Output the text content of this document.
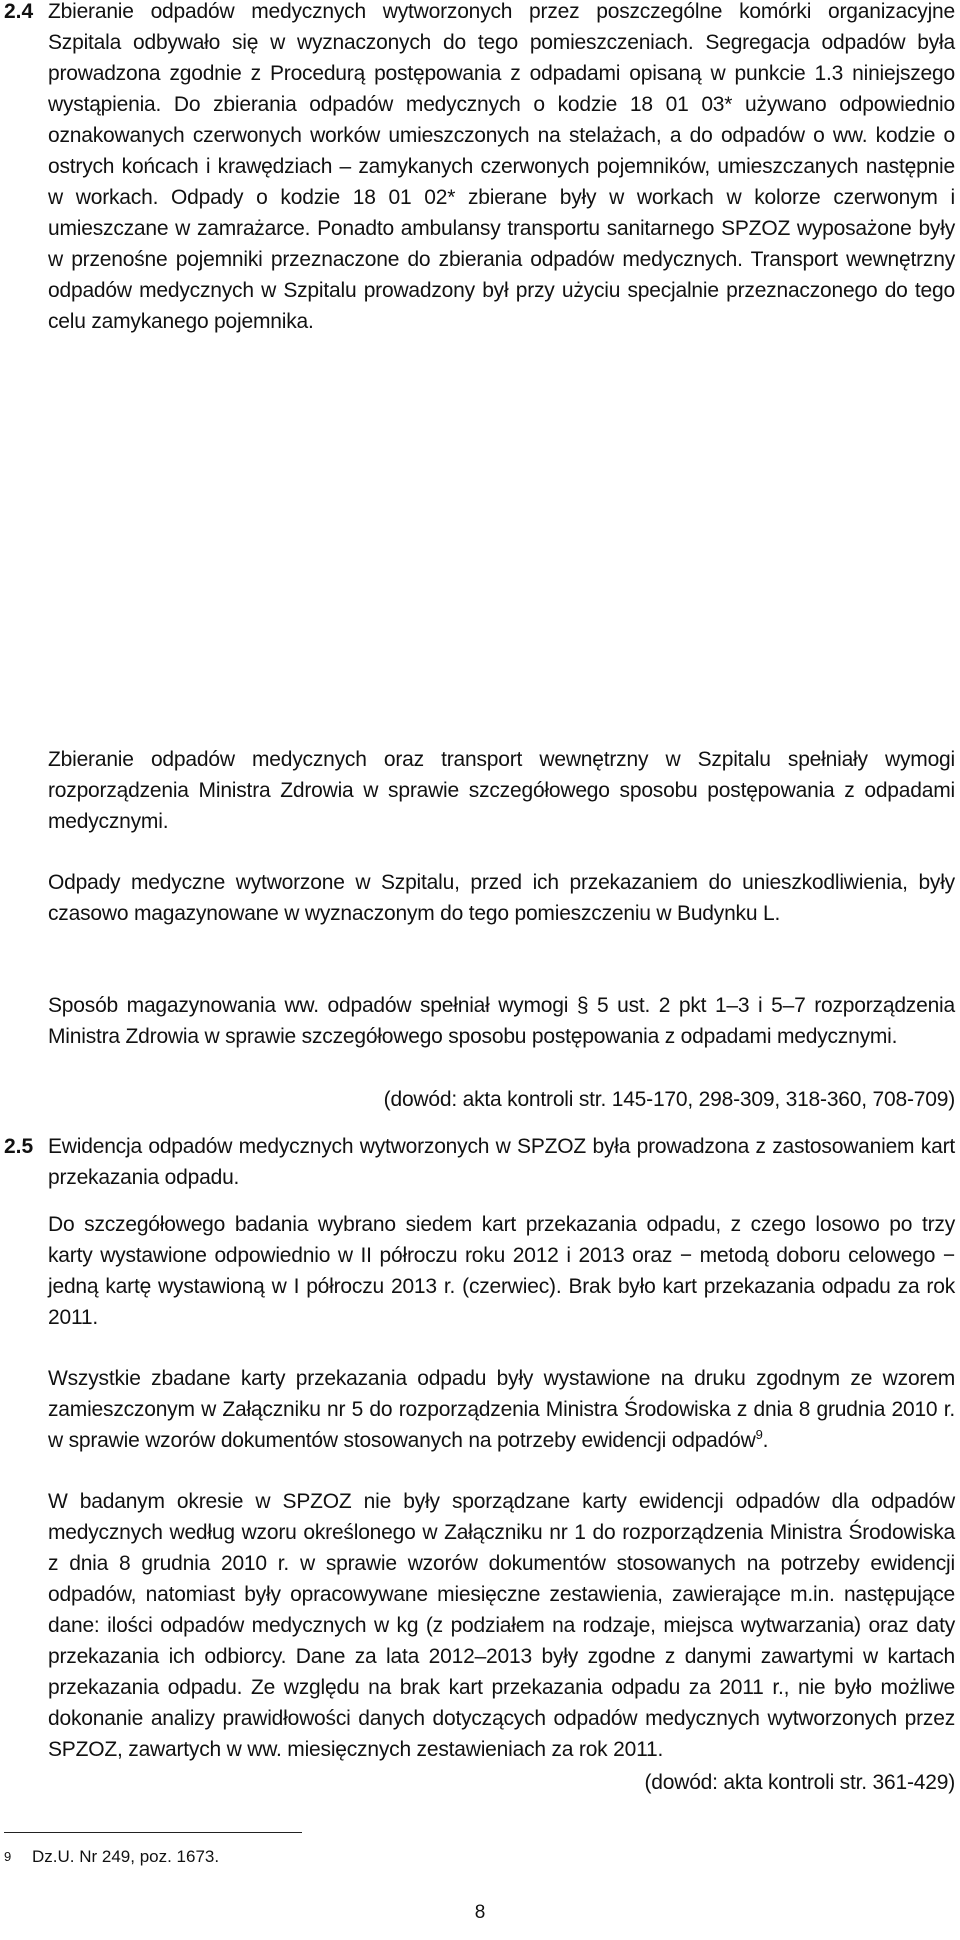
2.4 Zbieranie odpadów medycznych wytworzonych przez poszczególne komórki organizacyjne Szpitala odbywało się w wyznaczonych do tego pomieszczeniach. Segregacja odpadów była prowadzona zgodnie z Procedurą postępowania z odpadami opisaną w punkcie 1.3 niniejszego wystąpienia. Do zbierania odpadów medycznych o kodzie 18 01 03* używano odpowiednio oznakowanych czerwonych worków umieszczonych na stelażach, a do odpadów o ww. kodzie o ostrych końcach i krawędziach – zamykanych czerwonych pojemników, umieszczanych następnie w workach. Odpady o kodzie 18 01 02* zbierane były w workach w kolorze czerwonym i umieszczane w zamrażarce. Ponadto ambulansy transportu sanitarnego SPZOZ wyposażone były w przenośne pojemniki przeznaczone do zbierania odpadów medycznych. Transport wewnętrzny odpadów medycznych w Szpitalu prowadzony był przy użyciu specjalnie przeznaczonego do tego celu zamykanego pojemnika.

Zbieranie odpadów medycznych oraz transport wewnętrzny w Szpitalu spełniały wymogi rozporządzenia Ministra Zdrowia w sprawie szczegółowego sposobu postępowania z odpadami medycznymi.

Odpady medyczne wytworzone w Szpitalu, przed ich przekazaniem do unieszkodliwienia, były czasowo magazynowane w wyznaczonym do tego pomieszczeniu w Budynku L.

Sposób magazynowania ww. odpadów spełniał wymogi § 5 ust. 2 pkt 1–3 i 5–7 rozporządzenia Ministra Zdrowia w sprawie szczegółowego sposobu postępowania z odpadami medycznymi.

(dowód: akta kontroli str. 145-170, 298-309, 318-360, 708-709)

2.5 Ewidencja odpadów medycznych wytworzonych w SPZOZ była prowadzona z zastosowaniem kart przekazania odpadu.

Do szczegółowego badania wybrano siedem kart przekazania odpadu, z czego losowo po trzy karty wystawione odpowiednio w II półroczu roku 2012 i 2013 oraz − metodą doboru celowego − jedną kartę wystawioną w I półroczu 2013 r. (czerwiec). Brak było kart przekazania odpadu za rok 2011.

Wszystkie zbadane karty przekazania odpadu były wystawione na druku zgodnym ze wzorem zamieszczonym w Załączniku nr 5 do rozporządzenia Ministra Środowiska z dnia 8 grudnia 2010 r. w sprawie wzorów dokumentów stosowanych na potrzeby ewidencji odpadów$^9$.

W badanym okresie w SPZOZ nie były sporządzane karty ewidencji odpadów dla odpadów medycznych według wzoru określonego w Załączniku nr 1 do rozporządzenia Ministra Środowiska z dnia 8 grudnia 2010 r. w sprawie wzorów dokumentów stosowanych na potrzeby ewidencji odpadów, natomiast były opracowywane miesięczne zestawienia, zawierające m.in. następujące dane: ilości odpadów medycznych w kg (z podziałem na rodzaje, miejsca wytwarzania) oraz daty przekazania ich odbiorcy. Dane za lata 2012–2013 były zgodne z danymi zawartymi w kartach przekazania odpadu. Ze względu na brak kart przekazania odpadu za 2011 r., nie było możliwe dokonanie analizy prawidłowości danych dotyczących odpadów medycznych wytworzonych przez SPZOZ, zawartych w ww. miesięcznych zestawieniach za rok 2011.

(dowód: akta kontroli str. 361-429)

9 Dz.U. Nr 249, poz. 1673.
8
